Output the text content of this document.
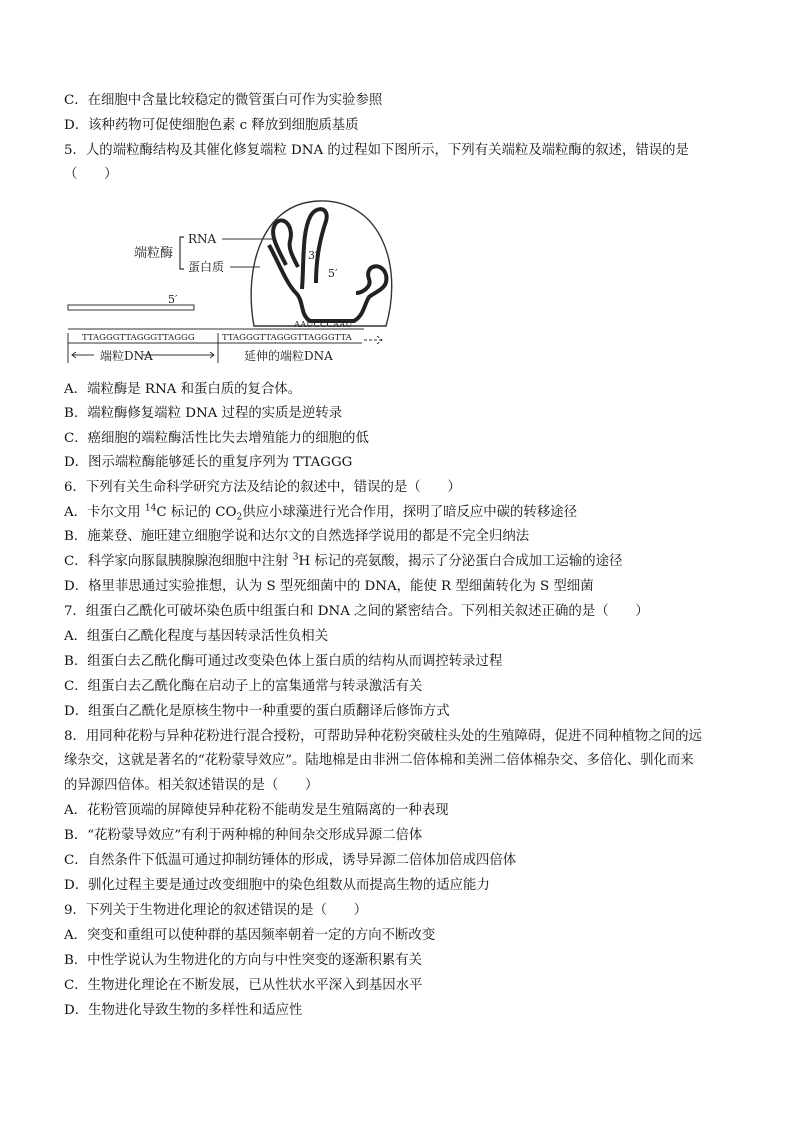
C．在细胞中含量比较稳定的微管蛋白可作为实验参照
D．该种药物可促使细胞色素 c 释放到细胞质基质
5．人的端粒酶结构及其催化修复端粒 DNA 的过程如下图所示，下列有关端粒及端粒酶的叙述，错误的是
（　　）
端粒酶
RNA
蛋白质
3′
5′
5′
AAUCCCAAU
TTAGGGTTAGGGTTAGGG	TTAGGGTTAGGGTTAGGGTTA
端粒DNA	延伸的端粒DNA
A．端粒酶是 RNA 和蛋白质的复合体。
B．端粒酶修复端粒 DNA 过程的实质是逆转录
C．癌细胞的端粒酶活性比失去增殖能力的细胞的低
D．图示端粒酶能够延长的重复序列为 TTAGGG
6．下列有关生命科学研究方法及结论的叙述中，错误的是（　　）
A．卡尔文用 $^{14}$C 标记的 $CO_2$供应小球藻进行光合作用，探明了暗反应中碳的转移途径
B．施莱登、施旺建立细胞学说和达尔文的自然选择学说用的都是不完全归纳法
C．科学家向豚鼠胰腺腺泡细胞中注射 $^3$H 标记的亮氨酸，揭示了分泌蛋白合成加工运输的途径
D．格里菲思通过实验推想，认为 S 型死细菌中的 DNA，能使 R 型细菌转化为 S 型细菌
7．组蛋白乙酰化可破坏染色质中组蛋白和 DNA 之间的紧密结合。下列相关叙述正确的是（　　）
A．组蛋白乙酰化程度与基因转录活性负相关
B．组蛋白去乙酰化酶可通过改变染色体上蛋白质的结构从而调控转录过程
C．组蛋白去乙酰化酶在启动子上的富集通常与转录激活有关
D．组蛋白乙酰化是原核生物中一种重要的蛋白质翻译后修饰方式
8．用同种花粉与异种花粉进行混合授粉，可帮助异种花粉突破柱头处的生殖障碍，促进不同种植物之间的远
缘杂交，这就是著名的“花粉蒙导效应”。陆地棉是由非洲二倍体棉和美洲二倍体棉杂交、多倍化、驯化而来
的异源四倍体。相关叙述错误的是（　　）
A．花粉管顶端的屏障使异种花粉不能萌发是生殖隔离的一种表现
B．“花粉蒙导效应”有利于两种棉的种间杂交形成异源二倍体
C．自然条件下低温可通过抑制纺锤体的形成，诱导异源二倍体加倍成四倍体
D．驯化过程主要是通过改变细胞中的染色组数从而提高生物的适应能力
9．下列关于生物进化理论的叙述错误的是（　　）
A．突变和重组可以使种群的基因频率朝着一定的方向不断改变
B．中性学说认为生物进化的方向与中性突变的逐渐积累有关
C．生物进化理论在不断发展，已从性状水平深入到基因水平
D．生物进化导致生物的多样性和适应性
